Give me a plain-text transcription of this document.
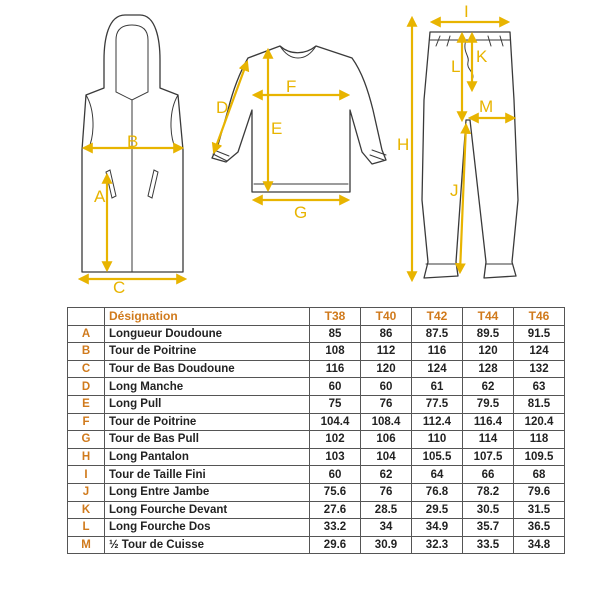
B
A
C
F
D
E
G
I
K
L
M
H
J
	Désignation	T38	T40	T42	T44	T46
A	Longueur Doudoune	85	86	87.5	89.5	91.5
B	Tour de Poitrine	108	112	116	120	124
C	Tour de Bas Doudoune	116	120	124	128	132
D	Long Manche	60	60	61	62	63
E	Long Pull	75	76	77.5	79.5	81.5
F	Tour de Poitrine	104.4	108.4	112.4	116.4	120.4
G	Tour de Bas Pull	102	106	110	114	118
H	Long Pantalon	103	104	105.5	107.5	109.5
I	Tour de Taille Fini	60	62	64	66	68
J	Long Entre Jambe	75.6	76	76.8	78.2	79.6
K	Long Fourche Devant	27.6	28.5	29.5	30.5	31.5
L	Long Fourche Dos	33.2	34	34.9	35.7	36.5
M	½ Tour de Cuisse	29.6	30.9	32.3	33.5	34.8
